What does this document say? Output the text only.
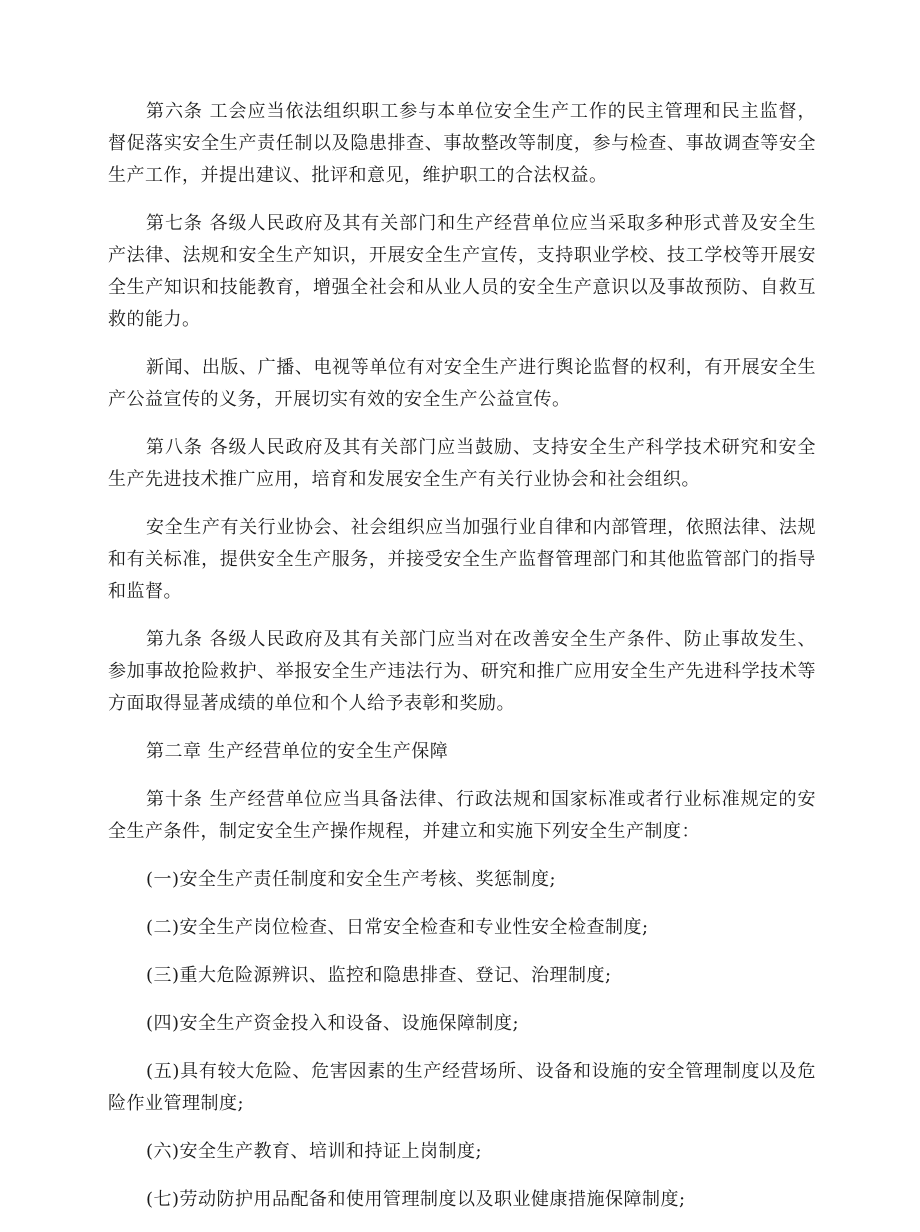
第六条 工会应当依法组织职工参与本单位安全生产工作的民主管理和民主监督，督促落实安全生产责任制以及隐患排查、事故整改等制度，参与检查、事故调查等安全生产工作，并提出建议、批评和意见，维护职工的合法权益。

第七条 各级人民政府及其有关部门和生产经营单位应当采取多种形式普及安全生产法律、法规和安全生产知识，开展安全生产宣传，支持职业学校、技工学校等开展安全生产知识和技能教育，增强全社会和从业人员的安全生产意识以及事故预防、自救互救的能力。

新闻、出版、广播、电视等单位有对安全生产进行舆论监督的权利，有开展安全生产公益宣传的义务，开展切实有效的安全生产公益宣传。

第八条 各级人民政府及其有关部门应当鼓励、支持安全生产科学技术研究和安全生产先进技术推广应用，培育和发展安全生产有关行业协会和社会组织。

安全生产有关行业协会、社会组织应当加强行业自律和内部管理，依照法律、法规和有关标准，提供安全生产服务，并接受安全生产监督管理部门和其他监管部门的指导和监督。

第九条 各级人民政府及其有关部门应当对在改善安全生产条件、防止事故发生、参加事故抢险救护、举报安全生产违法行为、研究和推广应用安全生产先进科学技术等方面取得显著成绩的单位和个人给予表彰和奖励。

第二章 生产经营单位的安全生产保障

第十条 生产经营单位应当具备法律、行政法规和国家标准或者行业标准规定的安全生产条件，制定安全生产操作规程，并建立和实施下列安全生产制度：

(一)安全生产责任制度和安全生产考核、奖惩制度;

(二)安全生产岗位检查、日常安全检查和专业性安全检查制度;

(三)重大危险源辨识、监控和隐患排查、登记、治理制度;

(四)安全生产资金投入和设备、设施保障制度;

(五)具有较大危险、危害因素的生产经营场所、设备和设施的安全管理制度以及危险作业管理制度;

(六)安全生产教育、培训和持证上岗制度;

(七)劳动防护用品配备和使用管理制度以及职业健康措施保障制度;
